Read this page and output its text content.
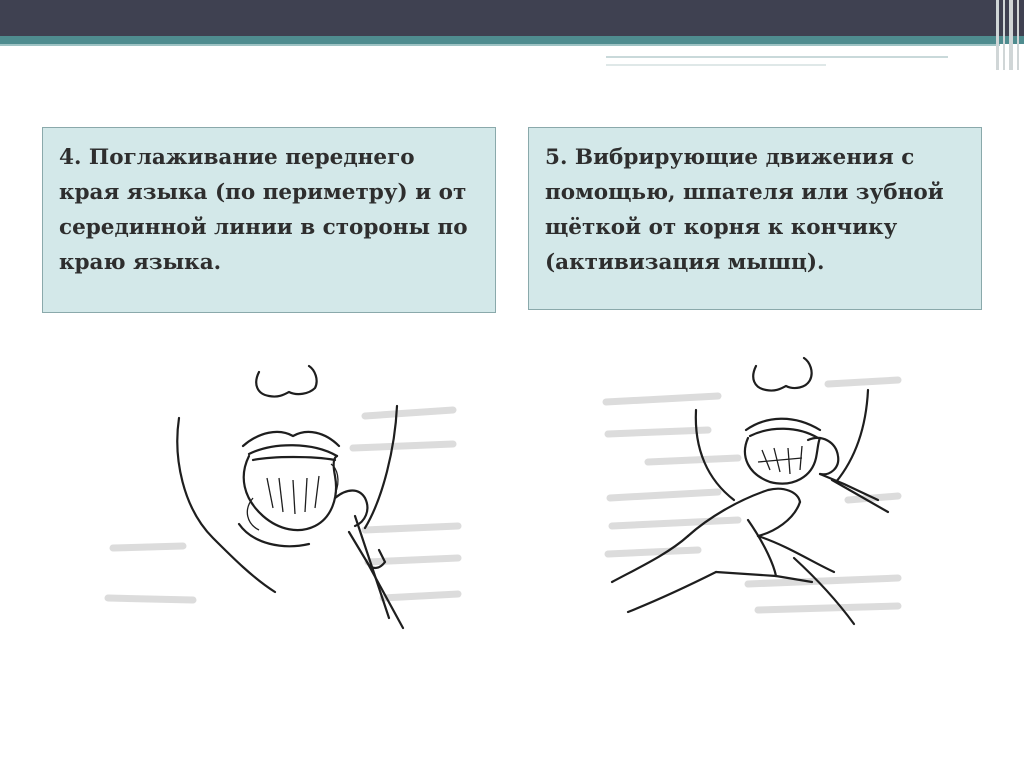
4. Поглаживание переднего края языка (по периметру) и от серединной линии в стороны по краю языка.
5. Вибрирующие движения с помощью, шпателя или зубной щёткой от корня к кончику (активизация мышц).
